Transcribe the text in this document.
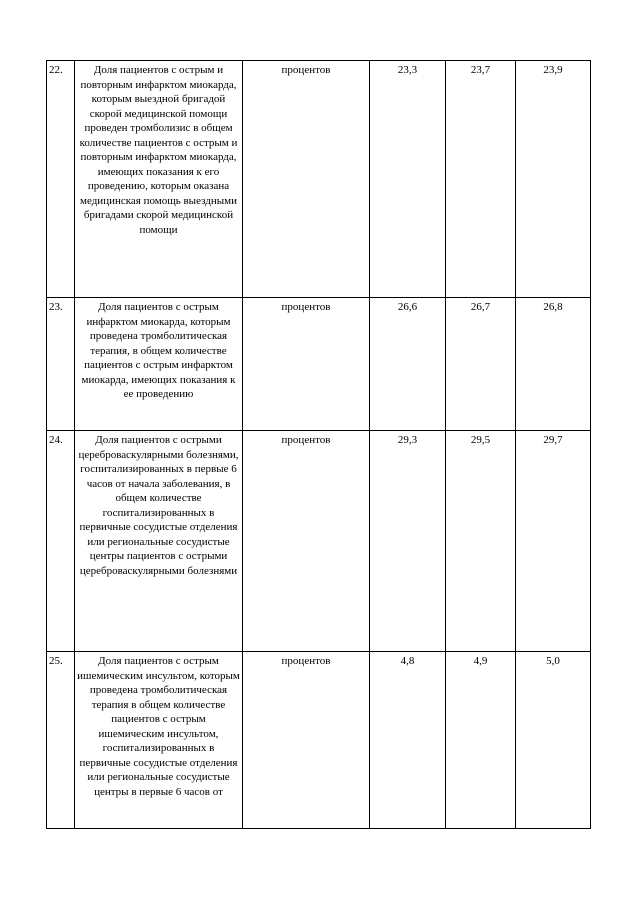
22.	Доля пациентов с острым и повторным инфарктом миокарда, которым выездной бригадой скорой медицинской помощи проведен тромболизис в общем количестве пациентов с острым и повторным инфарктом миокарда, имеющих показания к его проведению, которым оказана медицинская помощь выездными бригадами скорой медицинской помощи	процентов	23,3	23,7	23,9
23.	Доля пациентов с острым инфарктом миокарда, которым проведена тромболитическая терапия, в общем количестве пациентов с острым инфарктом миокарда, имеющих показания к ее проведению	процентов	26,6	26,7	26,8
24.	Доля пациентов с острыми цереброваскулярными болезнями, госпитализированных в первые 6 часов от начала заболевания, в общем количестве госпитализированных в первичные сосудистые отделения или региональные сосудистые центры пациентов с острыми цереброваскулярными болезнями	процентов	29,3	29,5	29,7
25.	Доля пациентов с острым ишемическим инсультом, которым проведена тромболитическая терапия в общем количестве пациентов с острым ишемическим инсультом, госпитализированных в первичные сосудистые отделения или региональные сосудистые центры в первые 6 часов от	процентов	4,8	4,9	5,0
